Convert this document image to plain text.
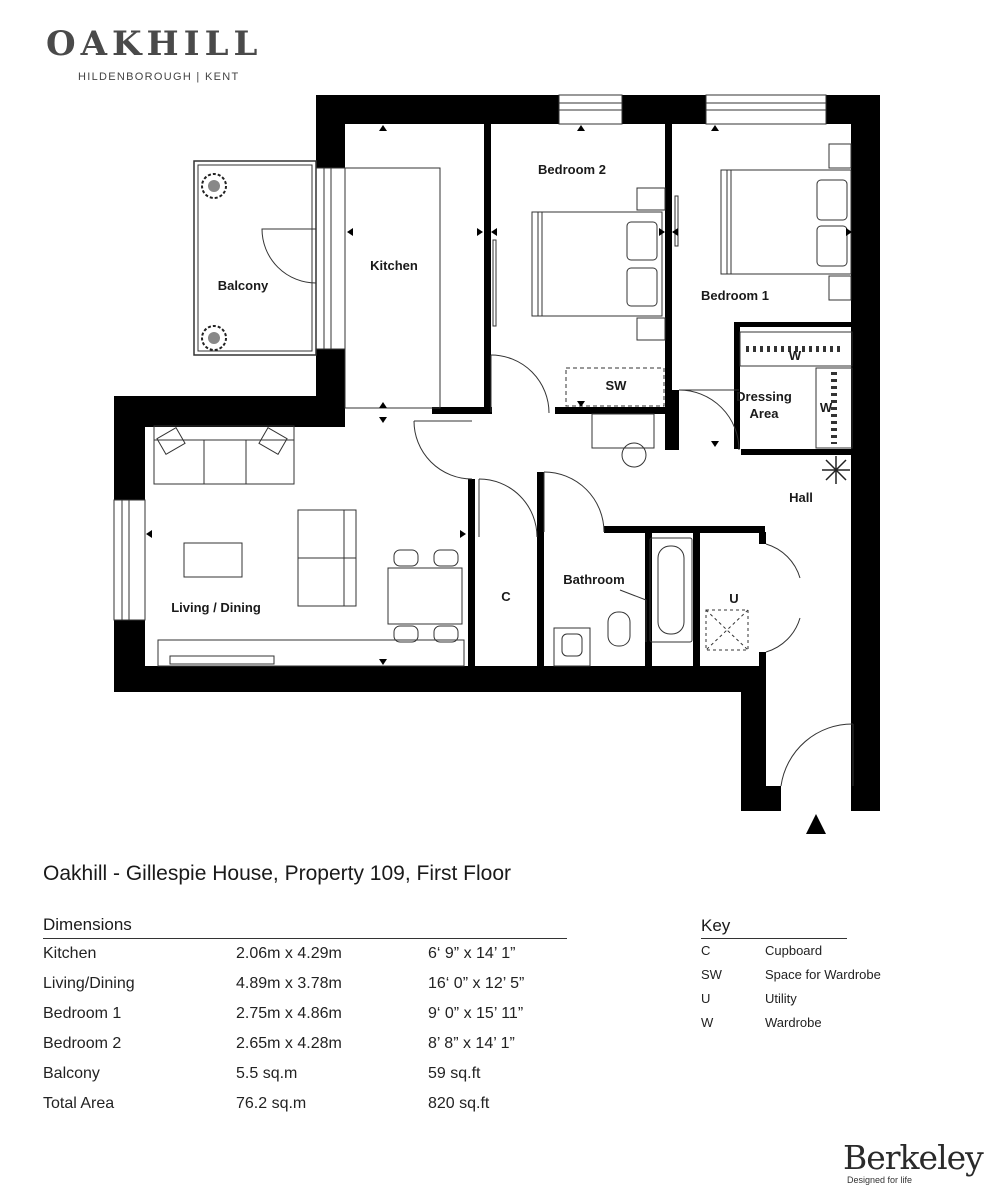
OAKHILL
HILDENBOROUGH | KENT
Kitchen
Bedroom 2
Bedroom 1
Balcony
SW
W
W
Dressing
Area
Hall
Living / Dining
C
Bathroom
U
Oakhill - Gillespie House, Property 109, First Floor
Dimensions
Kitchen	2.06m x 4.29m	6‘ 9” x 14’ 1”
Living/Dining	4.89m x 3.78m	16‘ 0” x 12’ 5”
Bedroom 1	2.75m x 4.86m	9‘ 0” x 15’ 11”
Bedroom 2	2.65m x 4.28m	8’ 8” x 14’ 1”
Balcony	5.5 sq.m	59 sq.ft
Total Area	76.2 sq.m	820 sq.ft
Key
C	Cupboard
SW	Space for Wardrobe
U	Utility
W	Wardrobe
Berkeley
Designed for life
